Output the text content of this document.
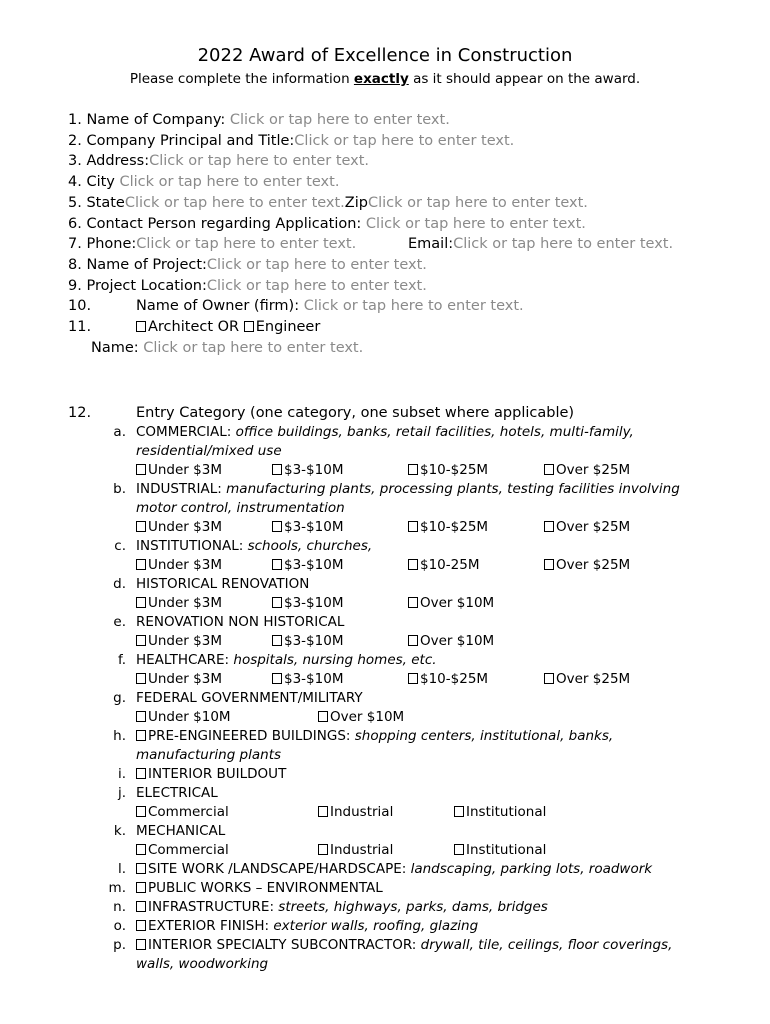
2022 Award of Excellence in Construction
Please complete the information exactly as it should appear on the award.
1. Name of Company: Click or tap here to enter text.
2. Company Principal and Title:Click or tap here to enter text.
3. Address:Click or tap here to enter text.
4. City Click or tap here to enter text.
5. StateClick or tap here to enter text.ZipClick or tap here to enter text.
6. Contact Person regarding Application: Click or tap here to enter text.
7. Phone:Click or tap here to enter text.	Email:Click or tap here to enter text.
8. Name of Project:Click or tap here to enter text.
9. Project Location:Click or tap here to enter text.
10.	Name of Owner (firm): Click or tap here to enter text.
11.	Architect OR Engineer
Name: Click or tap here to enter text.
12.	Entry Category (one category, one subset where applicable)
a. COMMERCIAL: office buildings, banks, retail facilities, hotels, multi-family,
residential/mixed use
Under $3M	$3-$10M	$10-$25M	Over $25M
b. INDUSTRIAL: manufacturing plants, processing plants, testing facilities involving
motor control, instrumentation
Under $3M	$3-$10M	$10-$25M	Over $25M
c. INSTITUTIONAL: schools, churches,
Under $3M	$3-$10M	$10-25M	Over $25M
d. HISTORICAL RENOVATION
Under $3M	$3-$10M	Over $10M
e. RENOVATION NON HISTORICAL
Under $3M	$3-$10M	Over $10M
f. HEALTHCARE: hospitals, nursing homes, etc.
Under $3M	$3-$10M	$10-$25M	Over $25M
g. FEDERAL GOVERNMENT/MILITARY
Under $10M	Over $10M
h.	PRE-ENGINEERED BUILDINGS: shopping centers, institutional, banks,
manufacturing plants
i.	INTERIOR BUILDOUT
j. ELECTRICAL
Commercial	Industrial	Institutional
k. MECHANICAL
Commercial	Industrial	Institutional
l.	SITE WORK /LANDSCAPE/HARDSCAPE: landscaping, parking lots, roadwork
m.	PUBLIC WORKS – ENVIRONMENTAL
n.	INFRASTRUCTURE: streets, highways, parks, dams, bridges
o.	EXTERIOR FINISH: exterior walls, roofing, glazing
p.	INTERIOR SPECIALTY SUBCONTRACTOR: drywall, tile, ceilings, floor coverings,
walls, woodworking
